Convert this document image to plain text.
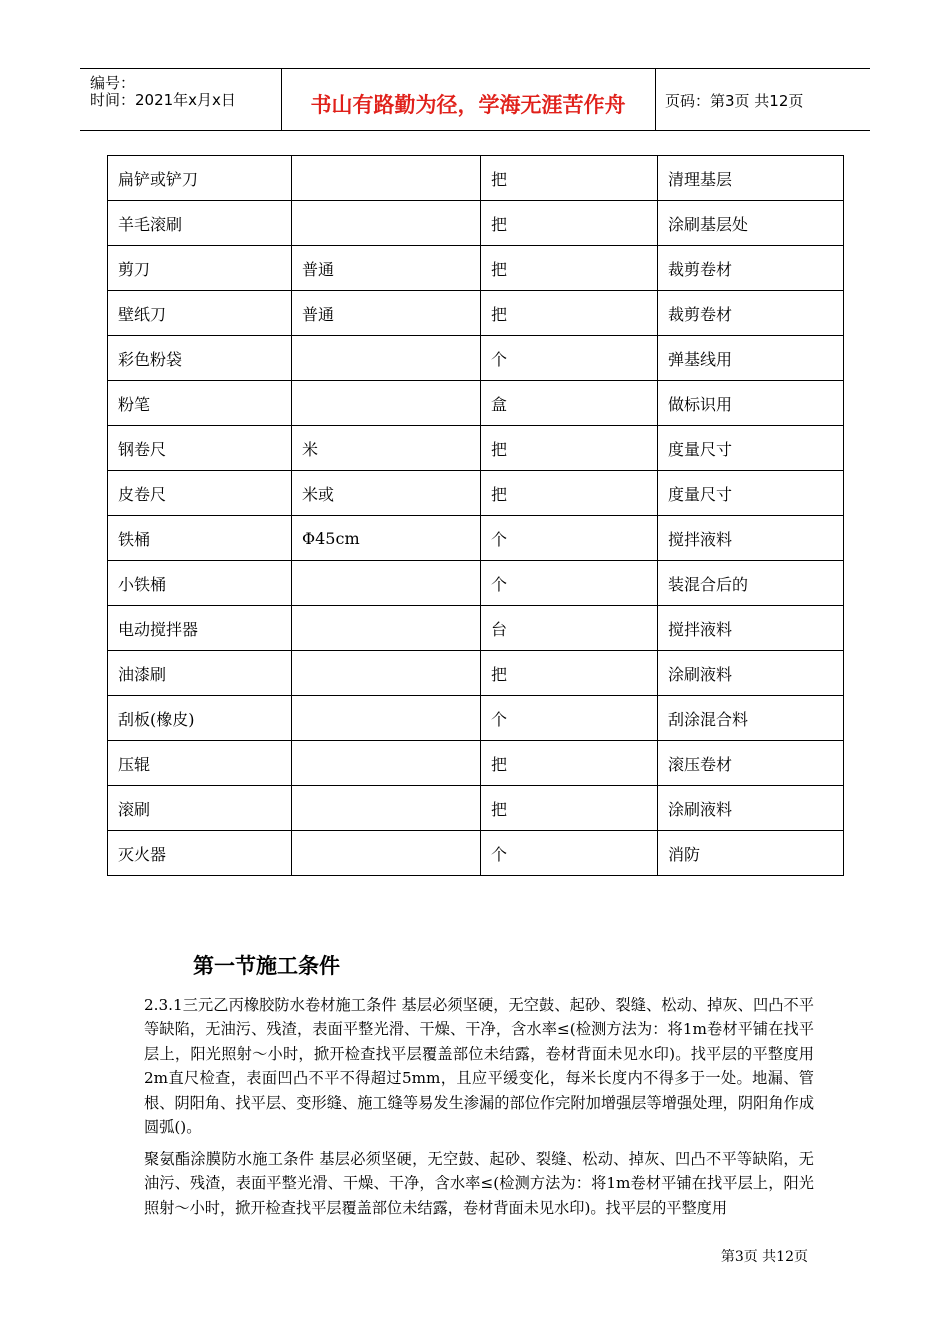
编号：
时间：2021年x月x日	书山有路勤为径，学海无涯苦作舟	页码：第3页 共12页
扁铲或铲刀		把	清理基层
羊毛滚刷		把	涂刷基层处
剪刀	普通	把	裁剪卷材
壁纸刀	普通	把	裁剪卷材
彩色粉袋		个	弹基线用
粉笔		盒	做标识用
钢卷尺	米	把	度量尺寸
皮卷尺	米或	把	度量尺寸
铁桶	Φ45cm	个	搅拌液料
小铁桶		个	装混合后的
电动搅拌器		台	搅拌液料
油漆刷		把	涂刷液料
刮板(橡皮)		个	刮涂混合料
压辊		把	滚压卷材
滚刷		把	涂刷液料
灭火器		个	消防
第一节施工条件
2.3.1三元乙丙橡胶防水卷材施工条件 基层必须坚硬，无空鼓、起砂、裂缝、松动、掉灰、凹凸不平等缺陷，无油污、残渣，表面平整光滑、干燥、干净，含水率≤(检测方法为：将1m卷材平铺在找平层上，阳光照射～小时，掀开检查找平层覆盖部位未结露，卷材背面未见水印)。找平层的平整度用2m直尺检查，表面凹凸不平不得超过5mm，且应平缓变化，每米长度内不得多于一处。地漏、管根、阴阳角、找平层、变形缝、施工缝等易发生渗漏的部位作完附加增强层等增强处理，阴阳角作成圆弧()。
聚氨酯涂膜防水施工条件 基层必须坚硬，无空鼓、起砂、裂缝、松动、掉灰、凹凸不平等缺陷，无油污、残渣，表面平整光滑、干燥、干净，含水率≤(检测方法为：将1m卷材平铺在找平层上，阳光照射～小时，掀开检查找平层覆盖部位未结露，卷材背面未见水印)。找平层的平整度用
第3页 共12页
